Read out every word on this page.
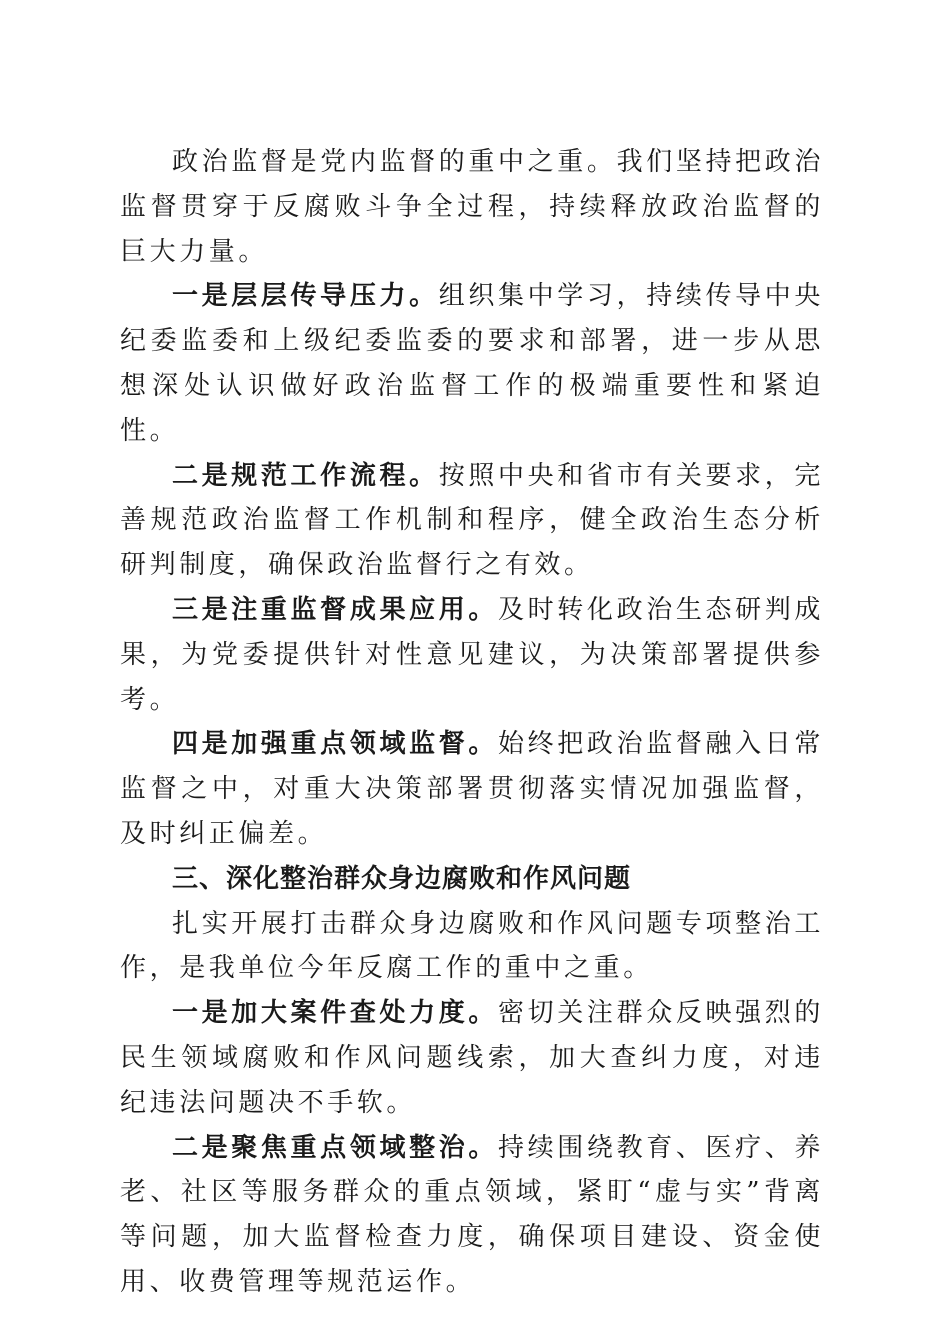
政治监督是党内监督的重中之重。我们坚持把政治监督贯穿于反腐败斗争全过程，持续释放政治监督的巨大力量。

一是层层传导压力。组织集中学习，持续传导中央纪委监委和上级纪委监委的要求和部署，进一步从思想深处认识做好政治监督工作的极端重要性和紧迫性。

二是规范工作流程。按照中央和省市有关要求，完善规范政治监督工作机制和程序，健全政治生态分析研判制度，确保政治监督行之有效。

三是注重监督成果应用。及时转化政治生态研判成果，为党委提供针对性意见建议，为决策部署提供参考。

四是加强重点领域监督。始终把政治监督融入日常监督之中，对重大决策部署贯彻落实情况加强监督，及时纠正偏差。

三、深化整治群众身边腐败和作风问题

扎实开展打击群众身边腐败和作风问题专项整治工作，是我单位今年反腐工作的重中之重。

一是加大案件查处力度。密切关注群众反映强烈的民生领域腐败和作风问题线索，加大查纠力度，对违纪违法问题决不手软。

二是聚焦重点领域整治。持续围绕教育、医疗、养老、社区等服务群众的重点领域，紧盯“虚与实”背离等问题，加大监督检查力度，确保项目建设、资金使用、收费管理等规范运作。
